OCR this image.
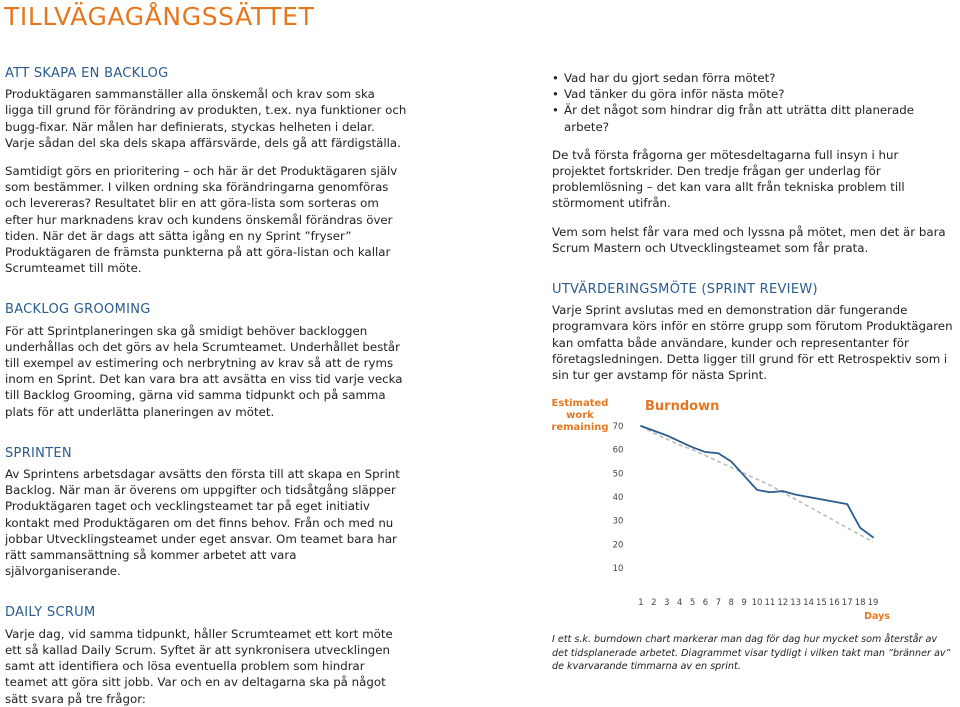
TILLVÄGAGÅNGSSÄTTET
ATT SKAPA EN BACKLOG

Produktägaren sammanställer alla önskemål och krav som ska ligga till grund för förändring av produkten, t.ex. nya funktioner och bugg-fixar. När målen har definierats, styckas helheten i delar. Varje sådan del ska dels skapa affärsvärde, dels gå att färdigställa.

Samtidigt görs en prioritering – och här är det Produktägaren själv som bestämmer. I vilken ordning ska förändringarna genomföras och levereras? Resultatet blir en att göra-lista som sorteras om efter hur marknadens krav och kundens önskemål förändras över tiden. När det är dags att sätta igång en ny Sprint ”fryser” Produktägaren de främsta punkterna på att göra-listan och kallar Scrumteamet till möte.

BACKLOG GROOMING

För att Sprintplaneringen ska gå smidigt behöver backloggen underhållas och det görs av hela Scrumteamet. Underhållet består till exempel av estimering och nerbrytning av krav så att de ryms inom en Sprint. Det kan vara bra att avsätta en viss tid varje vecka till Backlog Grooming, gärna vid samma tidpunkt och på samma plats för att underlätta planeringen av mötet.

SPRINTEN

Av Sprintens arbetsdagar avsätts den första till att skapa en Sprint Backlog. När man är överens om uppgifter och tidsåtgång släpper Produktägaren taget och vecklingsteamet tar på eget initiativ kontakt med Produktägaren om det finns behov. Från och med nu jobbar Utvecklingsteamet under eget ansvar. Om teamet bara har rätt sammansättning så kommer arbetet att vara självorganiserande.

DAILY SCRUM

Varje dag, vid samma tidpunkt, håller Scrumteamet ett kort möte ett så kallad Daily Scrum. Syftet är att synkronisera utvecklingen samt att identifiera och lösa eventuella problem som hindrar teamet att göra sitt jobb. Var och en av deltagarna ska på något sätt svara på tre frågor:

• Vad har du gjort sedan förra mötet?
• Vad tänker du göra inför nästa möte?
• Är det något som hindrar dig från att uträtta ditt planerade arbete?

De två första frågorna ger mötesdeltagarna full insyn i hur projektet fortskrider. Den tredje frågan ger underlag för problemlösning – det kan vara allt från tekniska problem till störmoment utifrån.

Vem som helst får vara med och lyssna på mötet, men det är bara Scrum Mastern och Utvecklingsteamet som får prata.

UTVÄRDERINGSMÖTE (SPRINT REVIEW)

Varje Sprint avslutas med en demonstration där fungerande programvara körs inför en större grupp som förutom Produktägaren kan omfatta både användare, kunder och representanter för företagsledningen. Detta ligger till grund för ett Retrospektiv som i sin tur ger avstamp för nästa Sprint.

Burndown
Estimated
work
remaining
10
20
30
40
50
60
70
1 2 3 4 5 6 7 8 9 10 11 12 13 14 15 16 17 18 19
Days

I ett s.k. burndown chart markerar man dag för dag hur mycket som återstår av det tidsplanerade arbetet. Diagrammet visar tydligt i vilken takt man ”bränner av” de kvarvarande timmarna av en sprint.
